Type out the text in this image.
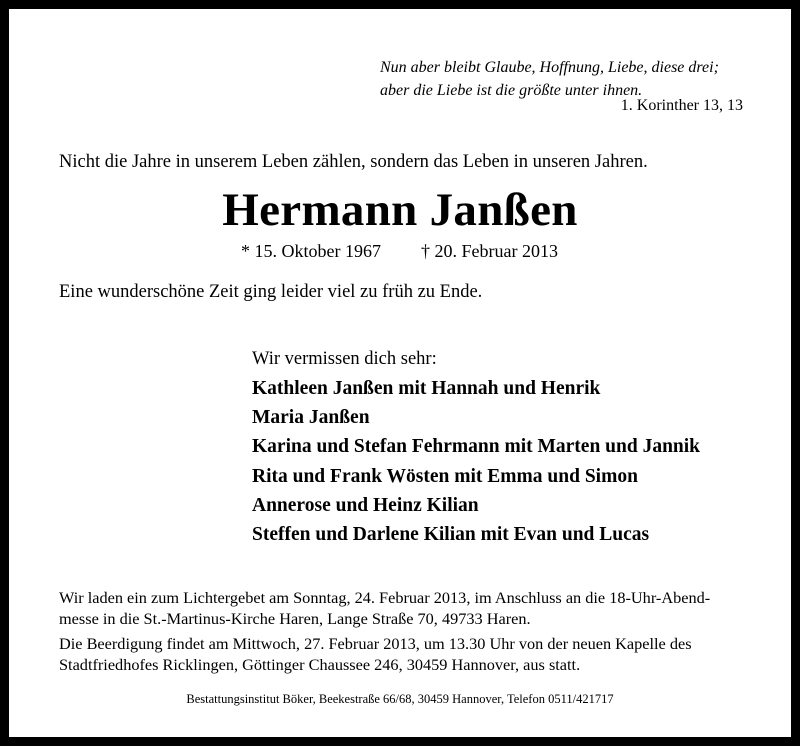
Nun aber bleibt Glaube, Hoffnung, Liebe, diese drei;
aber die Liebe ist die größte unter ihnen.
1. Korinther 13, 13
Nicht die Jahre in unserem Leben zählen, sondern das Leben in unseren Jahren.
Hermann Janßen
* 15. Oktober 1967 † 20. Februar 2013
Eine wunderschöne Zeit ging leider viel zu früh zu Ende.
Wir vermissen dich sehr:
Kathleen Janßen mit Hannah und Henrik
Maria Janßen
Karina und Stefan Fehrmann mit Marten und Jannik
Rita und Frank Wösten mit Emma und Simon
Annerose und Heinz Kilian
Steffen und Darlene Kilian mit Evan und Lucas
Wir laden ein zum Lichtergebet am Sonntag, 24. Februar 2013, im Anschluss an die 18-Uhr-Abend-
messe in die St.-Martinus-Kirche Haren, Lange Straße 70, 49733 Haren.
Die Beerdigung findet am Mittwoch, 27. Februar 2013, um 13.30 Uhr von der neuen Kapelle des
Stadtfriedhofes Ricklingen, Göttinger Chaussee 246, 30459 Hannover, aus statt.
Bestattungsinstitut Böker, Beekestraße 66/68, 30459 Hannover, Telefon 0511/421717
